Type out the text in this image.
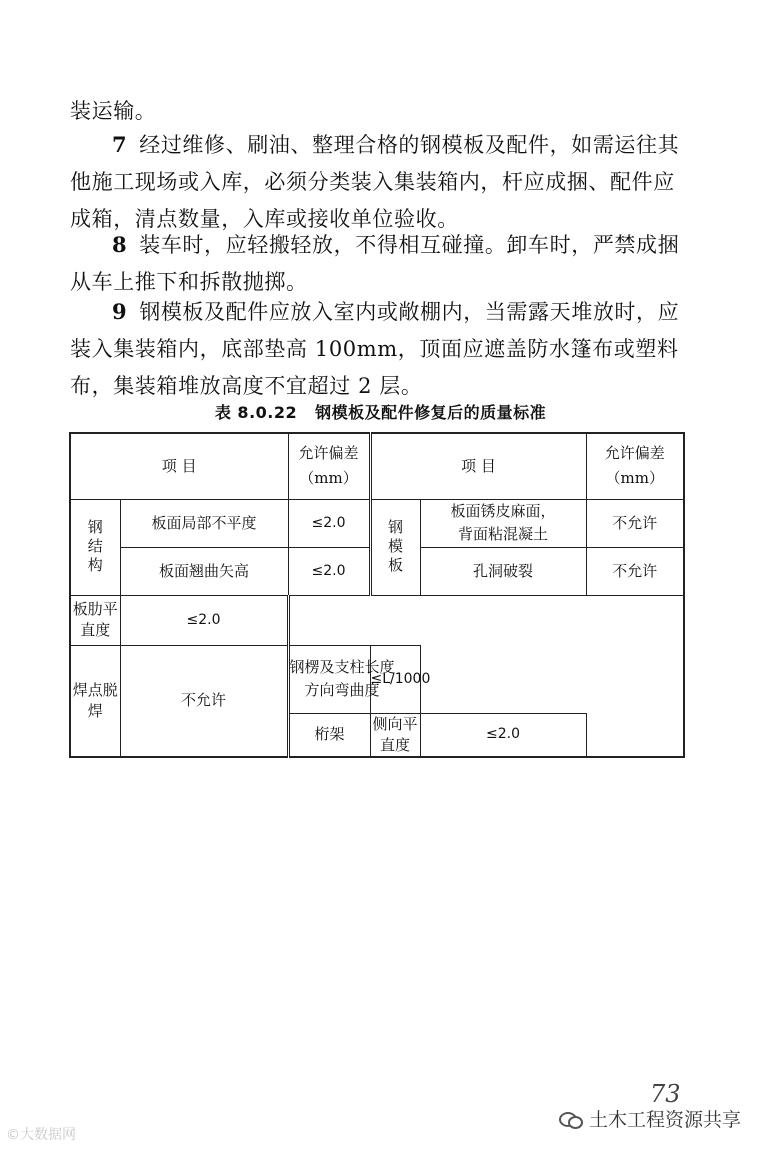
装运输。

7 经过维修、刷油、整理合格的钢模板及配件，如需运往其他施工现场或入库，必须分类装入集装箱内，杆应成捆、配件应成箱，清点数量，入库或接收单位验收。

8 装车时，应轻搬轻放，不得相互碰撞。卸车时，严禁成捆从车上推下和拆散抛掷。

9 钢模板及配件应放入室内或敞棚内，当需露天堆放时，应装入集装箱内，底部垫高 100mm，顶面应遮盖防水篷布或塑料布，集装箱堆放高度不宜超过 2 层。

表 8.0.22 钢模板及配件修复后的质量标准
项 目		允许偏差（mm）	项 目		允许偏差（mm）
钢结构	板面局部不平度	≤2.0	钢模板	板面锈皮麻面，背面粘混凝土	不允许
	板面翘曲矢高	≤2.0		孔洞破裂	不允许
板肋平直度	≤2.0				
焊点脱焊	不允许	钢楞及支柱长度方向弯曲度	≤L/1000		
		桁架	侧向平直度	≤2.0	
73
©大数据网
土木工程资源共享
